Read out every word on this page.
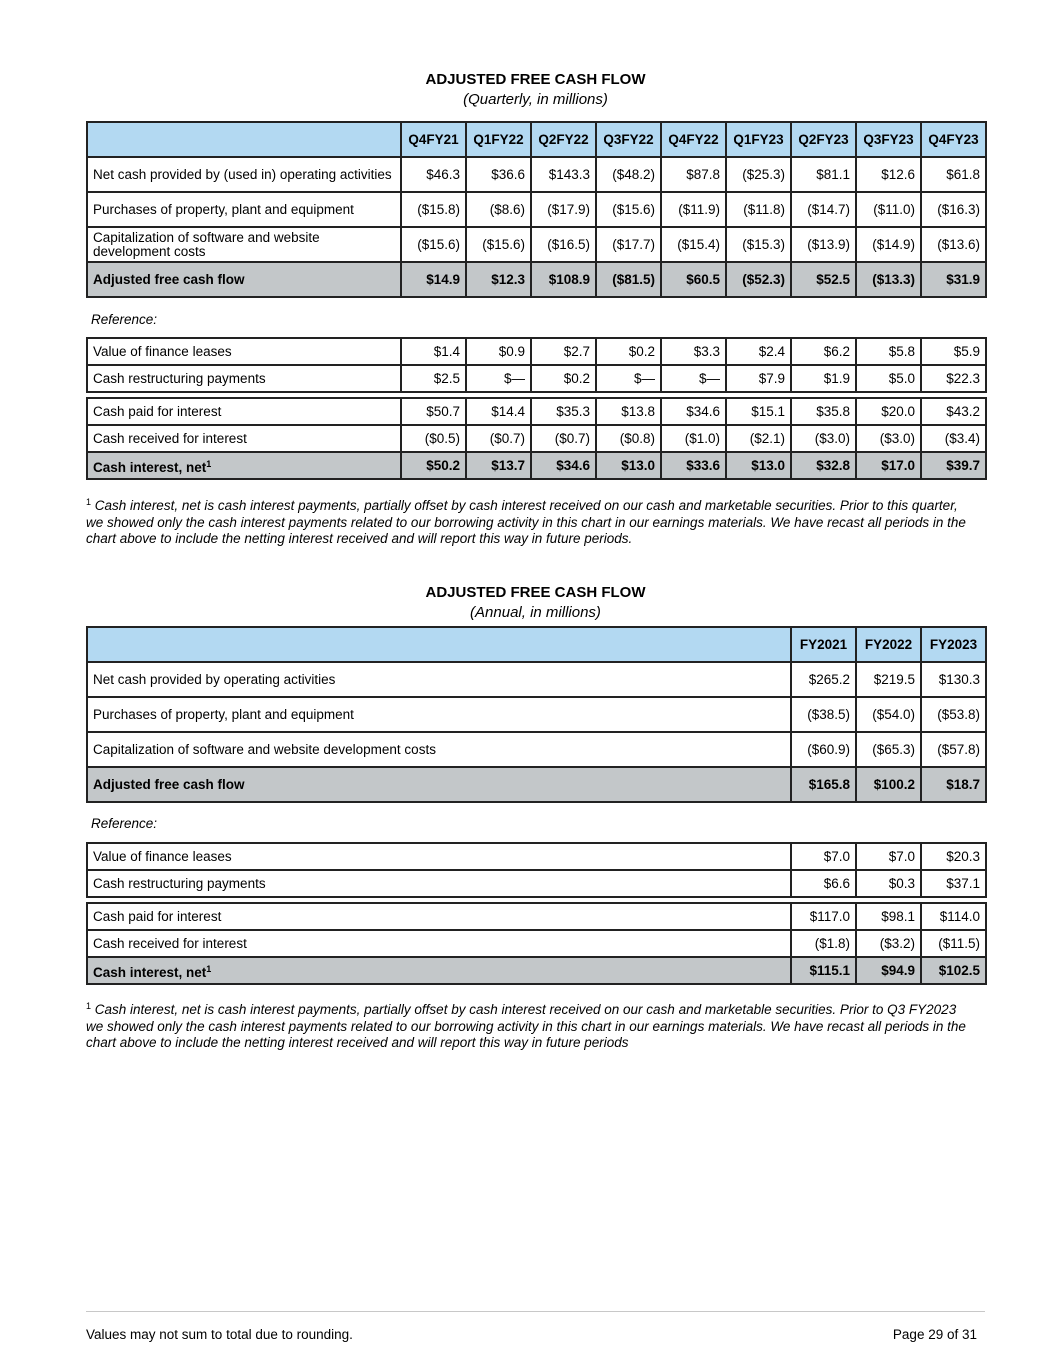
ADJUSTED FREE CASH FLOW
(Quarterly, in millions)
	Q4FY21	Q1FY22	Q2FY22	Q3FY22	Q4FY22	Q1FY23	Q2FY23	Q3FY23	Q4FY23
Net cash provided by (used in) operating activities	$46.3	$36.6	$143.3	($48.2)	$87.8	($25.3)	$81.1	$12.6	$61.8
Purchases of property, plant and equipment	($15.8)	($8.6)	($17.9)	($15.6)	($11.9)	($11.8)	($14.7)	($11.0)	($16.3)
Capitalization of software and website development costs	($15.6)	($15.6)	($16.5)	($17.7)	($15.4)	($15.3)	($13.9)	($14.9)	($13.6)
Adjusted free cash flow	$14.9	$12.3	$108.9	($81.5)	$60.5	($52.3)	$52.5	($13.3)	$31.9
Reference:
Value of finance leases	$1.4	$0.9	$2.7	$0.2	$3.3	$2.4	$6.2	$5.8	$5.9
Cash restructuring payments	$2.5	$—	$0.2	$—	$—	$7.9	$1.9	$5.0	$22.3
Cash paid for interest	$50.7	$14.4	$35.3	$13.8	$34.6	$15.1	$35.8	$20.0	$43.2
Cash received for interest	($0.5)	($0.7)	($0.7)	($0.8)	($1.0)	($2.1)	($3.0)	($3.0)	($3.4)
Cash interest, net$^1$	$50.2	$13.7	$34.6	$13.0	$33.6	$13.0	$32.8	$17.0	$39.7
$^1$ Cash interest, net is cash interest payments, partially offset by cash interest received on our cash and marketable securities. Prior to this quarter,
we showed only the cash interest payments related to our borrowing activity in this chart in our earnings materials. We have recast all periods in the
chart above to include the netting interest received and will report this way in future periods.
ADJUSTED FREE CASH FLOW
(Annual, in millions)
	FY2021	FY2022	FY2023
Net cash provided by operating activities	$265.2	$219.5	$130.3
Purchases of property, plant and equipment	($38.5)	($54.0)	($53.8)
Capitalization of software and website development costs	($60.9)	($65.3)	($57.8)
Adjusted free cash flow	$165.8	$100.2	$18.7
Reference:
Value of finance leases	$7.0	$7.0	$20.3
Cash restructuring payments	$6.6	$0.3	$37.1
Cash paid for interest	$117.0	$98.1	$114.0
Cash received for interest	($1.8)	($3.2)	($11.5)
Cash interest, net$^1$	$115.1	$94.9	$102.5
$^1$ Cash interest, net is cash interest payments, partially offset by cash interest received on our cash and marketable securities. Prior to Q3 FY2023
we showed only the cash interest payments related to our borrowing activity in this chart in our earnings materials. We have recast all periods in the
chart above to include the netting interest received and will report this way in future periods
Values may not sum to total due to rounding.	Page 29 of 31
